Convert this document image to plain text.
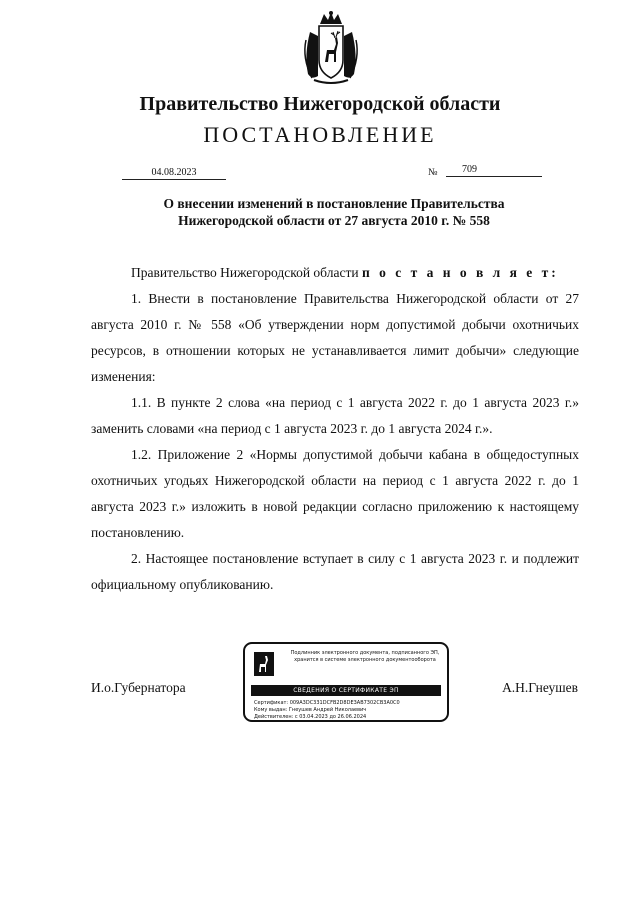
Правительство Нижегородской области
ПОСТАНОВЛЕНИЕ
04.08.2023	№	709
О внесении изменений в постановление Правительства
Нижегородской области от 27 августа 2010 г. № 558

Правительство Нижегородской области п о с т а н о в л я е т:

1. Внести в постановление Правительства Нижегородской области от 27 августа 2010 г. № 558 «Об утверждении норм допустимой добычи охотничьих ресурсов, в отношении которых не устанавливается лимит добычи» следующие изменения:

1.1. В пункте 2 слова «на период с 1 августа 2022 г. до 1 августа 2023 г.» заменить словами «на период с 1 августа 2023 г. до 1 августа 2024 г.».

1.2. Приложение 2 «Нормы допустимой добычи кабана в общедоступных охотничьих угодьях Нижегородской области на период с 1 августа 2022 г. до 1 августа 2023 г.» изложить в новой редакции согласно приложению к настоящему постановлению.

2. Настоящее постановление вступает в силу с 1 августа 2023 г. и подлежит официальному опубликованию.

И.о.Губернатора	А.Н.Гнеушев
Подлинник электронного документа, подписанного ЭП,
хранится в системе электронного документооборота
СВЕДЕНИЯ О СЕРТИФИКАТЕ ЭП
Сертификат: 009A3DC331DCFB2D8DE3AB7302CB3A0C0
Кому выдан: Гнеушев Андрей Николаевич
Действителен: с 03.04.2023 до 26.06.2024
